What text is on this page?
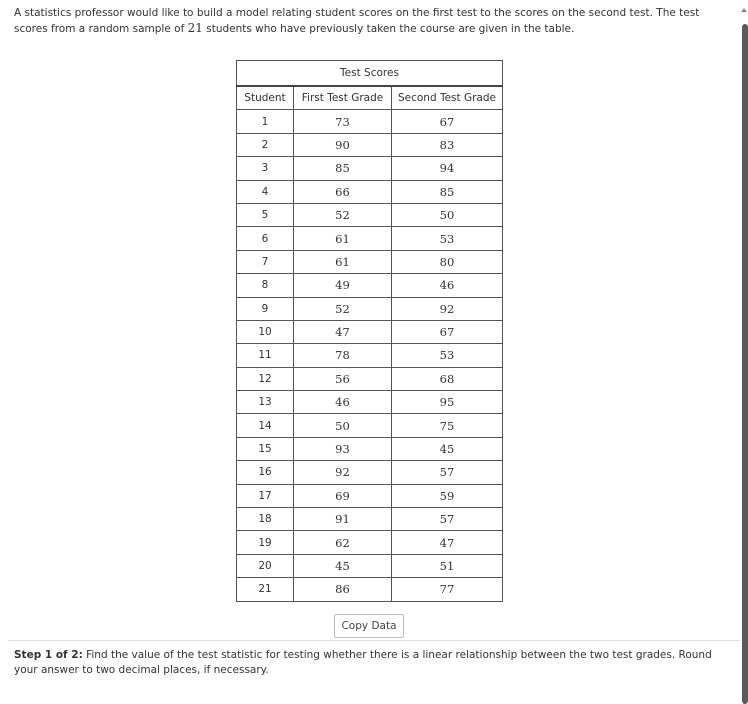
A statistics professor would like to build a model relating student scores on the first test to the scores on the second test. The test scores from a random sample of 21 students who have previously taken the course are given in the table.
Test Scores		
Student	First Test Grade	Second Test Grade
1	73	67
2	90	83
3	85	94
4	66	85
5	52	50
6	61	53
7	61	80
8	49	46
9	52	92
10	47	67
11	78	53
12	56	68
13	46	95
14	50	75
15	93	45
16	92	57
17	69	59
18	91	57
19	62	47
20	45	51
21	86	77
Copy Data
Step 1 of 2: Find the value of the test statistic for testing whether there is a linear relationship between the two test grades. Round your answer to two decimal places, if necessary.
